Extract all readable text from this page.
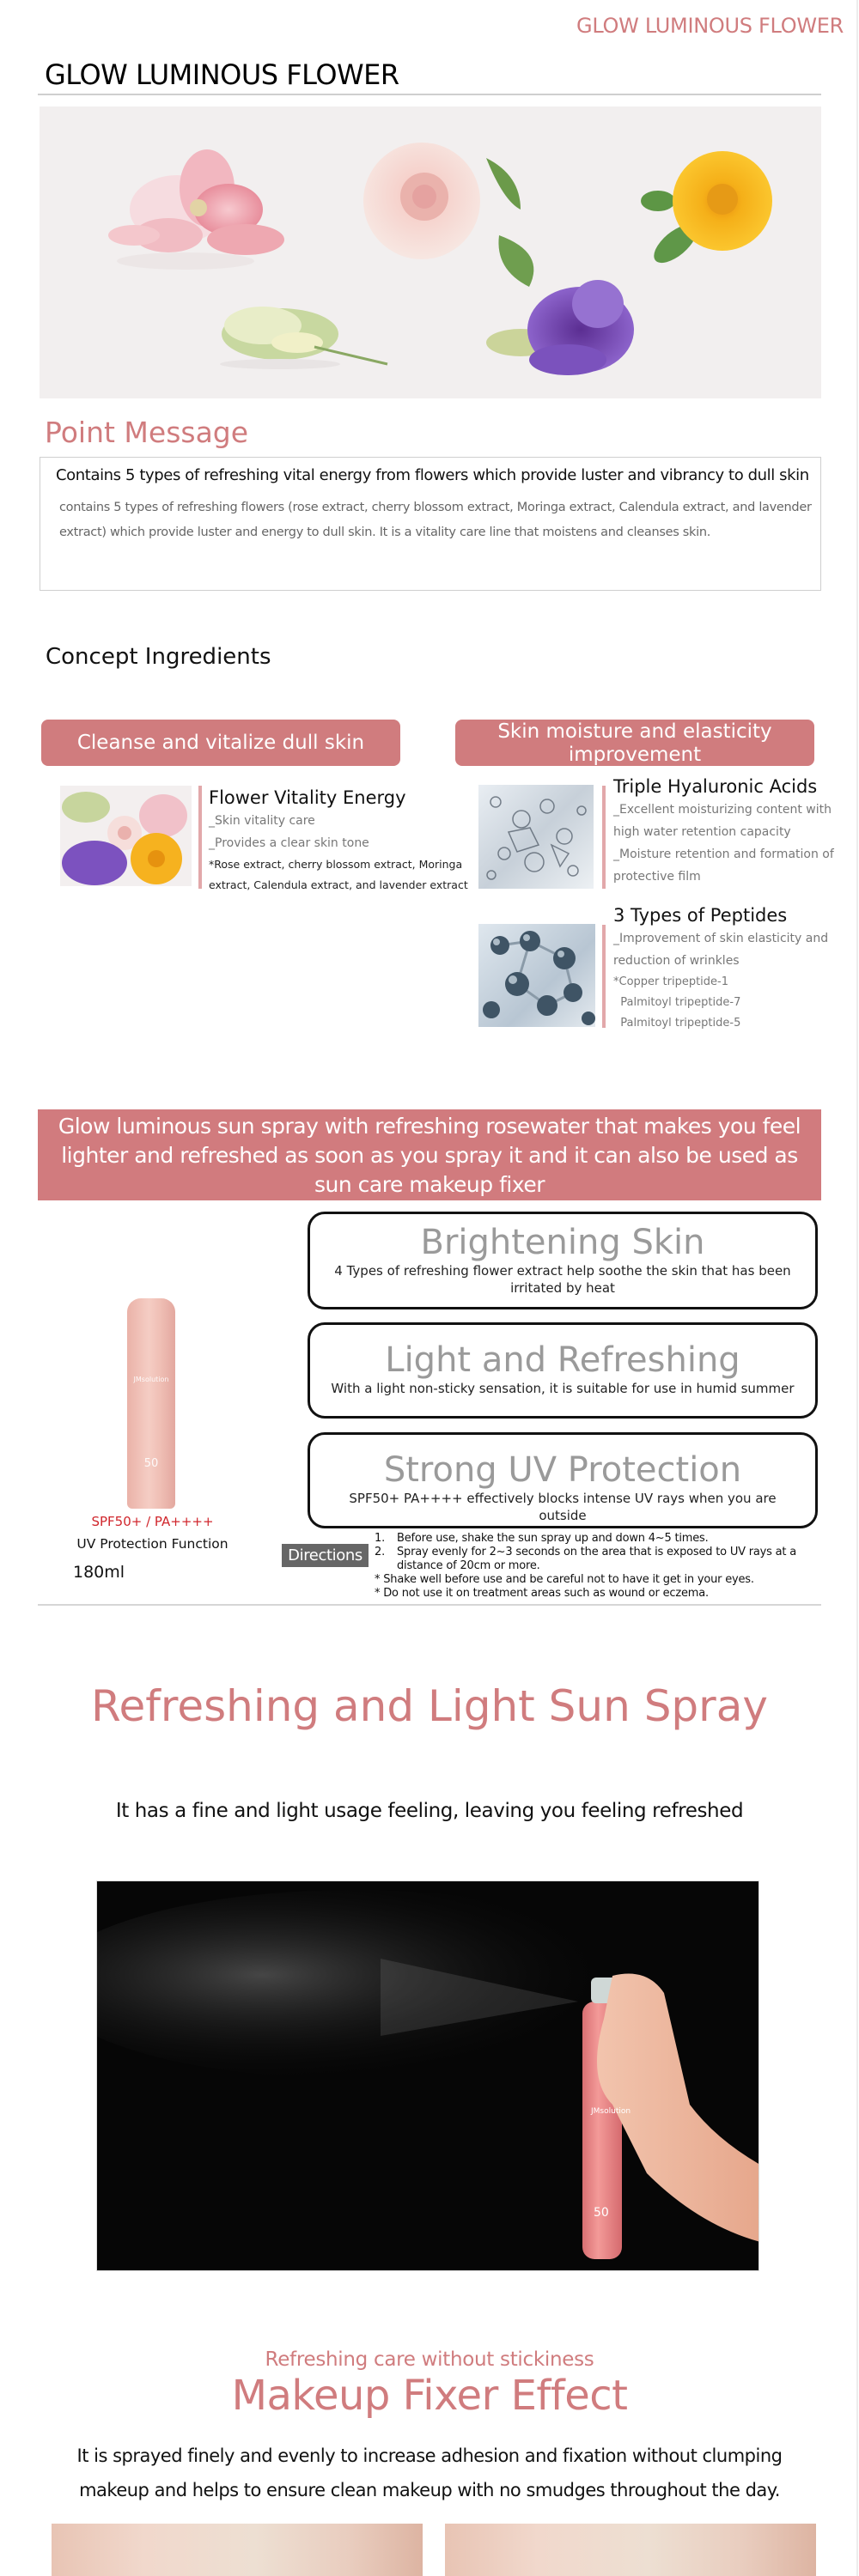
GLOW LUMINOUS FLOWER
GLOW LUMINOUS FLOWER
Point Message
Contains 5 types of refreshing vital energy from flowers which provide luster and vibrancy to dull skin
contains 5 types of refreshing flowers (rose extract, cherry blossom extract, Moringa extract, Calendula extract, and lavender extract) which provide luster and energy to dull skin. It is a vitality care line that moistens and cleanses skin.
Concept Ingredients
Cleanse and vitalize dull skin	Skin moisture and elasticity
improvement
Flower Vitality Energy
_Skin vitality care
_Provides a clear skin tone
*Rose extract, cherry blossom extract, Moringa
extract, Calendula extract, and lavender extract
Triple Hyaluronic Acids
_Excellent moisturizing content with
high water retention capacity
_Moisture retention and formation of
protective film
3 Types of Peptides
_Improvement of skin elasticity and
reduction of wrinkles
*Copper tripeptide-1
Palmitoyl tripeptide-7
Palmitoyl tripeptide-5
Glow luminous sun spray with refreshing rosewater that makes you feel lighter and refreshed as soon as you spray it and it can also be used as sun care makeup fixer
Brightening Skin
4 Types of refreshing flower extract help soothe the skin that has been irritated by heat
Light and Refreshing
With a light non-sticky sensation, it is suitable for use in humid summer
Strong UV Protection
SPF50+ PA++++ effectively blocks intense UV rays when you are outside
JMsolution
50
SPF50+ / PA++++
UV Protection Function
180ml
Directions
1.	Before use, shake the sun spray up and down 4~5 times.
2.	Spray evenly for 2~3 seconds on the area that is exposed to UV rays at a
distance of 20cm or more.
* Shake well before use and be careful not to have it get in your eyes.
* Do not use it on treatment areas such as wound or eczema.
Refreshing and Light Sun Spray
It has a fine and light usage feeling, leaving you feeling refreshed
JMsolution
50
Refreshing care without stickiness
Makeup Fixer Effect
It is sprayed finely and evenly to increase adhesion and fixation without clumping
makeup and helps to ensure clean makeup with no smudges throughout the day.
